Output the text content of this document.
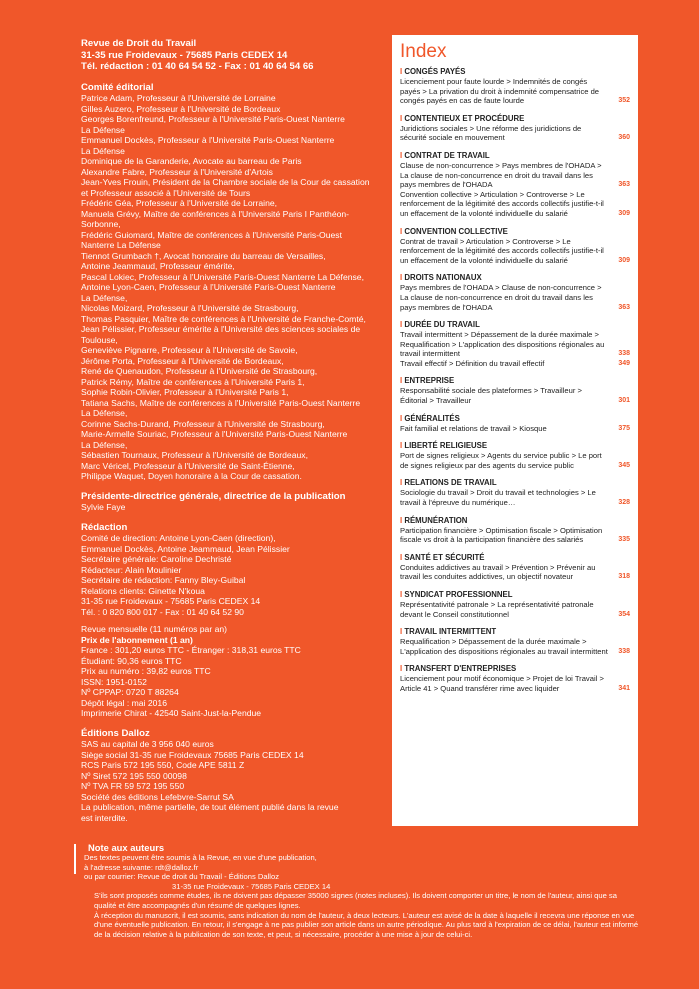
Revue de Droit du Travail
31-35 rue Froidevaux - 75685 Paris CEDEX 14
Tél. rédaction : 01 40 64 54 52 - Fax : 01 40 64 54 66
Comité éditorial
Patrice Adam, Professeur à l'Université de Lorraine
Gilles Auzero, Professeur à l'Université de Bordeaux
Georges Borenfreund, Professeur à l'Université Paris-Ouest Nanterre
La Défense
Emmanuel Dockès, Professeur à l'Université Paris-Ouest Nanterre
La Défense
Dominique de la Garanderie, Avocate au barreau de Paris
Alexandre Fabre, Professeur à l'Université d'Artois
Jean-Yves Frouin, Président de la Chambre sociale de la Cour de cassation
et Professeur associé à l'Université de Tours
Frédéric Géa, Professeur à l'Université de Lorraine,
Manuela Grévy, Maître de conférences à l'Université Paris I Panthéon-
Sorbonne,
Frédéric Guiomard, Maître de conférences à l'Université Paris-Ouest
Nanterre La Défense
Tiennot Grumbach †, Avocat honoraire du barreau de Versailles,
Antoine Jeammaud, Professeur émérite,
Pascal Lokiec, Professeur à l'Université Paris-Ouest Nanterre La Défense,
Antoine Lyon-Caen, Professeur à l'Université Paris-Ouest Nanterre
La Défense,
Nicolas Moizard, Professeur à l'Université de Strasbourg,
Thomas Pasquier, Maître de conférences à l'Université de Franche-Comté,
Jean Pélissier, Professeur émérite à l'Université des sciences sociales de
Toulouse,
Geneviève Pignarre, Professeur à l'Université de Savoie,
Jérôme Porta, Professeur à l'Université de Bordeaux,
René de Quenaudon, Professeur à l'Université de Strasbourg,
Patrick Rémy, Maître de conférences à l'Université Paris 1,
Sophie Robin-Olivier, Professeur à l'Université Paris 1,
Tatiana Sachs, Maître de conférences à l'Université Paris-Ouest Nanterre
La Défense,
Corinne Sachs-Durand, Professeur à l'Université de Strasbourg,
Marie-Armelle Souriac, Professeur à l'Université Paris-Ouest Nanterre
La Défense,
Sébastien Tournaux, Professeur à l'Université de Bordeaux,
Marc Véricel, Professeur à l'Université de Saint-Étienne,
Philippe Waquet, Doyen honoraire à la Cour de cassation.
Présidente-directrice générale, directrice de la publication
Sylvie Faye
Rédaction
Comité de direction: Antoine Lyon-Caen (direction),
Emmanuel Dockès, Antoine Jeammaud, Jean Pélissier
Secrétaire générale: Caroline Dechristé
Rédacteur: Alain Moulinier
Secrétaire de rédaction: Fanny Bley-Guibal
Relations clients: Ginette N'koua
31-35 rue Froidevaux - 75685 Paris CEDEX 14
Tél. : 0 820 800 017 - Fax : 01 40 64 52 90
Revue mensuelle (11 numéros par an)
Prix de l'abonnement (1 an)
France : 301,20 euros TTC - Étranger : 318,31 euros TTC
Étudiant: 90,36 euros TTC
Prix au numéro : 39,82 euros TTC
ISSN: 1951-0152
Nº CPPAP: 0720 T 88264
Dépôt légal : mai 2016
Imprimerie Chirat - 42540 Saint-Just-la-Pendue
Éditions Dalloz
SAS au capital de 3 956 040 euros
Siège social 31-35 rue Froidevaux 75685 Paris CEDEX 14
RCS Paris 572 195 550, Code APE 5811 Z
Nº Siret 572 195 550 00098
Nº TVA FR 59 572 195 550
Société des éditions Lefebvre-Sarrut SA
La publication, même partielle, de tout élément publié dans la revue
est interdite.
Index
I CONGÉS PAYÉS
Licenciement pour faute lourde > Indemnités de congés payés > La privation du droit à indemnité compensatrice de congés payés en cas de faute lourde	352
I CONTENTIEUX ET PROCÉDURE
Juridictions sociales > Une réforme des juridictions de sécurité sociale en mouvement	360
I CONTRAT DE TRAVAIL
Clause de non-concurrence > Pays membres de l'OHADA > La clause de non-concurrence en droit du travail dans les pays membres de l'OHADA	363
Convention collective > Articulation > Controverse > Le renforcement de la légitimité des accords collectifs justifie-t-il un effacement de la volonté individuelle du salarié	309
I CONVENTION COLLECTIVE
Contrat de travail > Articulation > Controverse > Le renforcement de la légitimité des accords collectifs justifie-t-il un effacement de la volonté individuelle du salarié	309
I DROITS NATIONAUX
Pays membres de l'OHADA > Clause de non-concurrence > La clause de non-concurrence en droit du travail dans les pays membres de l'OHADA	363
I DURÉE DU TRAVAIL
Travail intermittent > Dépassement de la durée maximale > Requalification > L'application des dispositions régionales au travail intermittent	338
Travail effectif > Définition du travail effectif	349
I ENTREPRISE
Responsabilité sociale des plateformes > Travailleur > Éditorial > Travailleur	301
I GÉNÉRALITÉS
Fait familial et relations de travail > Kiosque	375
I LIBERTÉ RELIGIEUSE
Port de signes religieux > Agents du service public > Le port de signes religieux par des agents du service public	345
I RELATIONS DE TRAVAIL
Sociologie du travail > Droit du travail et technologies > Le travail à l'épreuve du numérique…	328
I RÉMUNÉRATION
Participation financière > Optimisation fiscale > Optimisation fiscale vs droit à la participation financière des salariés	335
I SANTÉ ET SÉCURITÉ
Conduites addictives au travail > Prévention > Prévenir au travail les conduites addictives, un objectif novateur	318
I SYNDICAT PROFESSIONNEL
Représentativité patronale > La représentativité patronale devant le Conseil constitutionnel	354
I TRAVAIL INTERMITTENT
Requalification > Dépassement de la durée maximale > L'application des dispositions régionales au travail intermittent 338
I TRANSFERT D'ENTREPRISES
Licenciement pour motif économique > Projet de loi Travail > Article 41 > Quand transférer rime avec liquider	341
Note aux auteurs
Des textes peuvent être soumis à la Revue, en vue d'une publication,
à l'adresse suivante: rdt@dalloz.fr
ou par courrier: Revue de droit du Travail - Éditions Dalloz
31-35 rue Froidevaux - 75685 Paris CEDEX 14
S'ils sont proposés comme études, ils ne doivent pas dépasser 35000 signes (notes incluses). Ils doivent comporter un titre, le nom de l'auteur, ainsi que sa qualité et être accompagnés d'un résumé de quelques lignes.
À réception du manuscrit, il est soumis, sans indication du nom de l'auteur, à deux lecteurs. L'auteur est avisé de la date à laquelle il recevra une réponse en vue d'une éventuelle publication. En retour, il s'engage à ne pas publier son article dans un autre périodique. Au plus tard à l'expiration de ce délai, l'auteur est informé de la décision relative à la publication de son texte, et peut, si nécessaire, procéder à une mise à jour de celui-ci.
